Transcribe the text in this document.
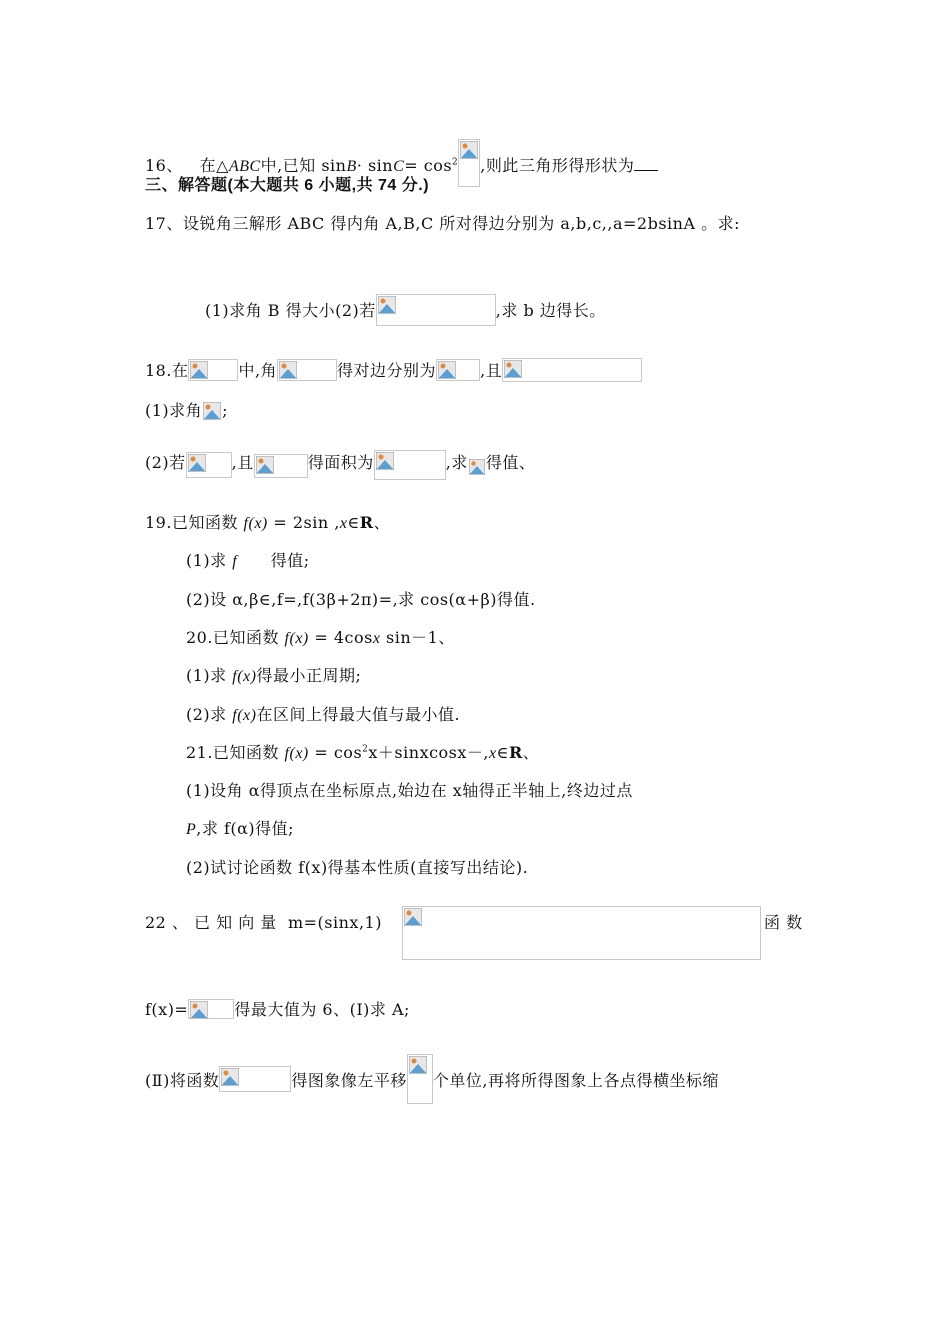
16、 在△ABC中,已知 $\sin B\cdot \sin C= \cos^2$ ,则此三角形得形状为
三、解答题(本大题共 6 小题,共 74 分.)
17、设锐角三解形 ABC 得内角 A,B,C 所对得边分别为 a,b,c,,a=2bsinA 。求:
(1)求角 B 得大小(2)若	,求 b 边得长。
18.在	中,角	得对边分别为	,且
(1)求角 ;
(2)若	,且	得面积为	,求 得值、
19.已知函数 f(x) = 2sin ,x∈R、
(1)求 f      得值;
(2)设 α,β∈,f=,f(3β+2π)=,求 cos(α+β)得值.
20.已知函数 f(x) = 4cosx sin－1、
(1)求 f(x)得最小正周期;
(2)求 f(x)在区间上得最大值与最小值.
21.已知函数 $f(x) = \cos^2x+sinxcosx-,x\in R$、
(1)设角 α得顶点在坐标原点,始边在 x轴得正半轴上,终边过点
P,求 f(α)得值;
(2)试讨论函数 f(x)得基本性质(直接写出结论).
22 、 已 知 向 量  m=(sinx,1)	函 数
f(x)=	得最大值为 6、(Ⅰ)求 A;
(Ⅱ)将函数	得图象像左平移 个单位,再将所得图象上各点得横坐标缩
